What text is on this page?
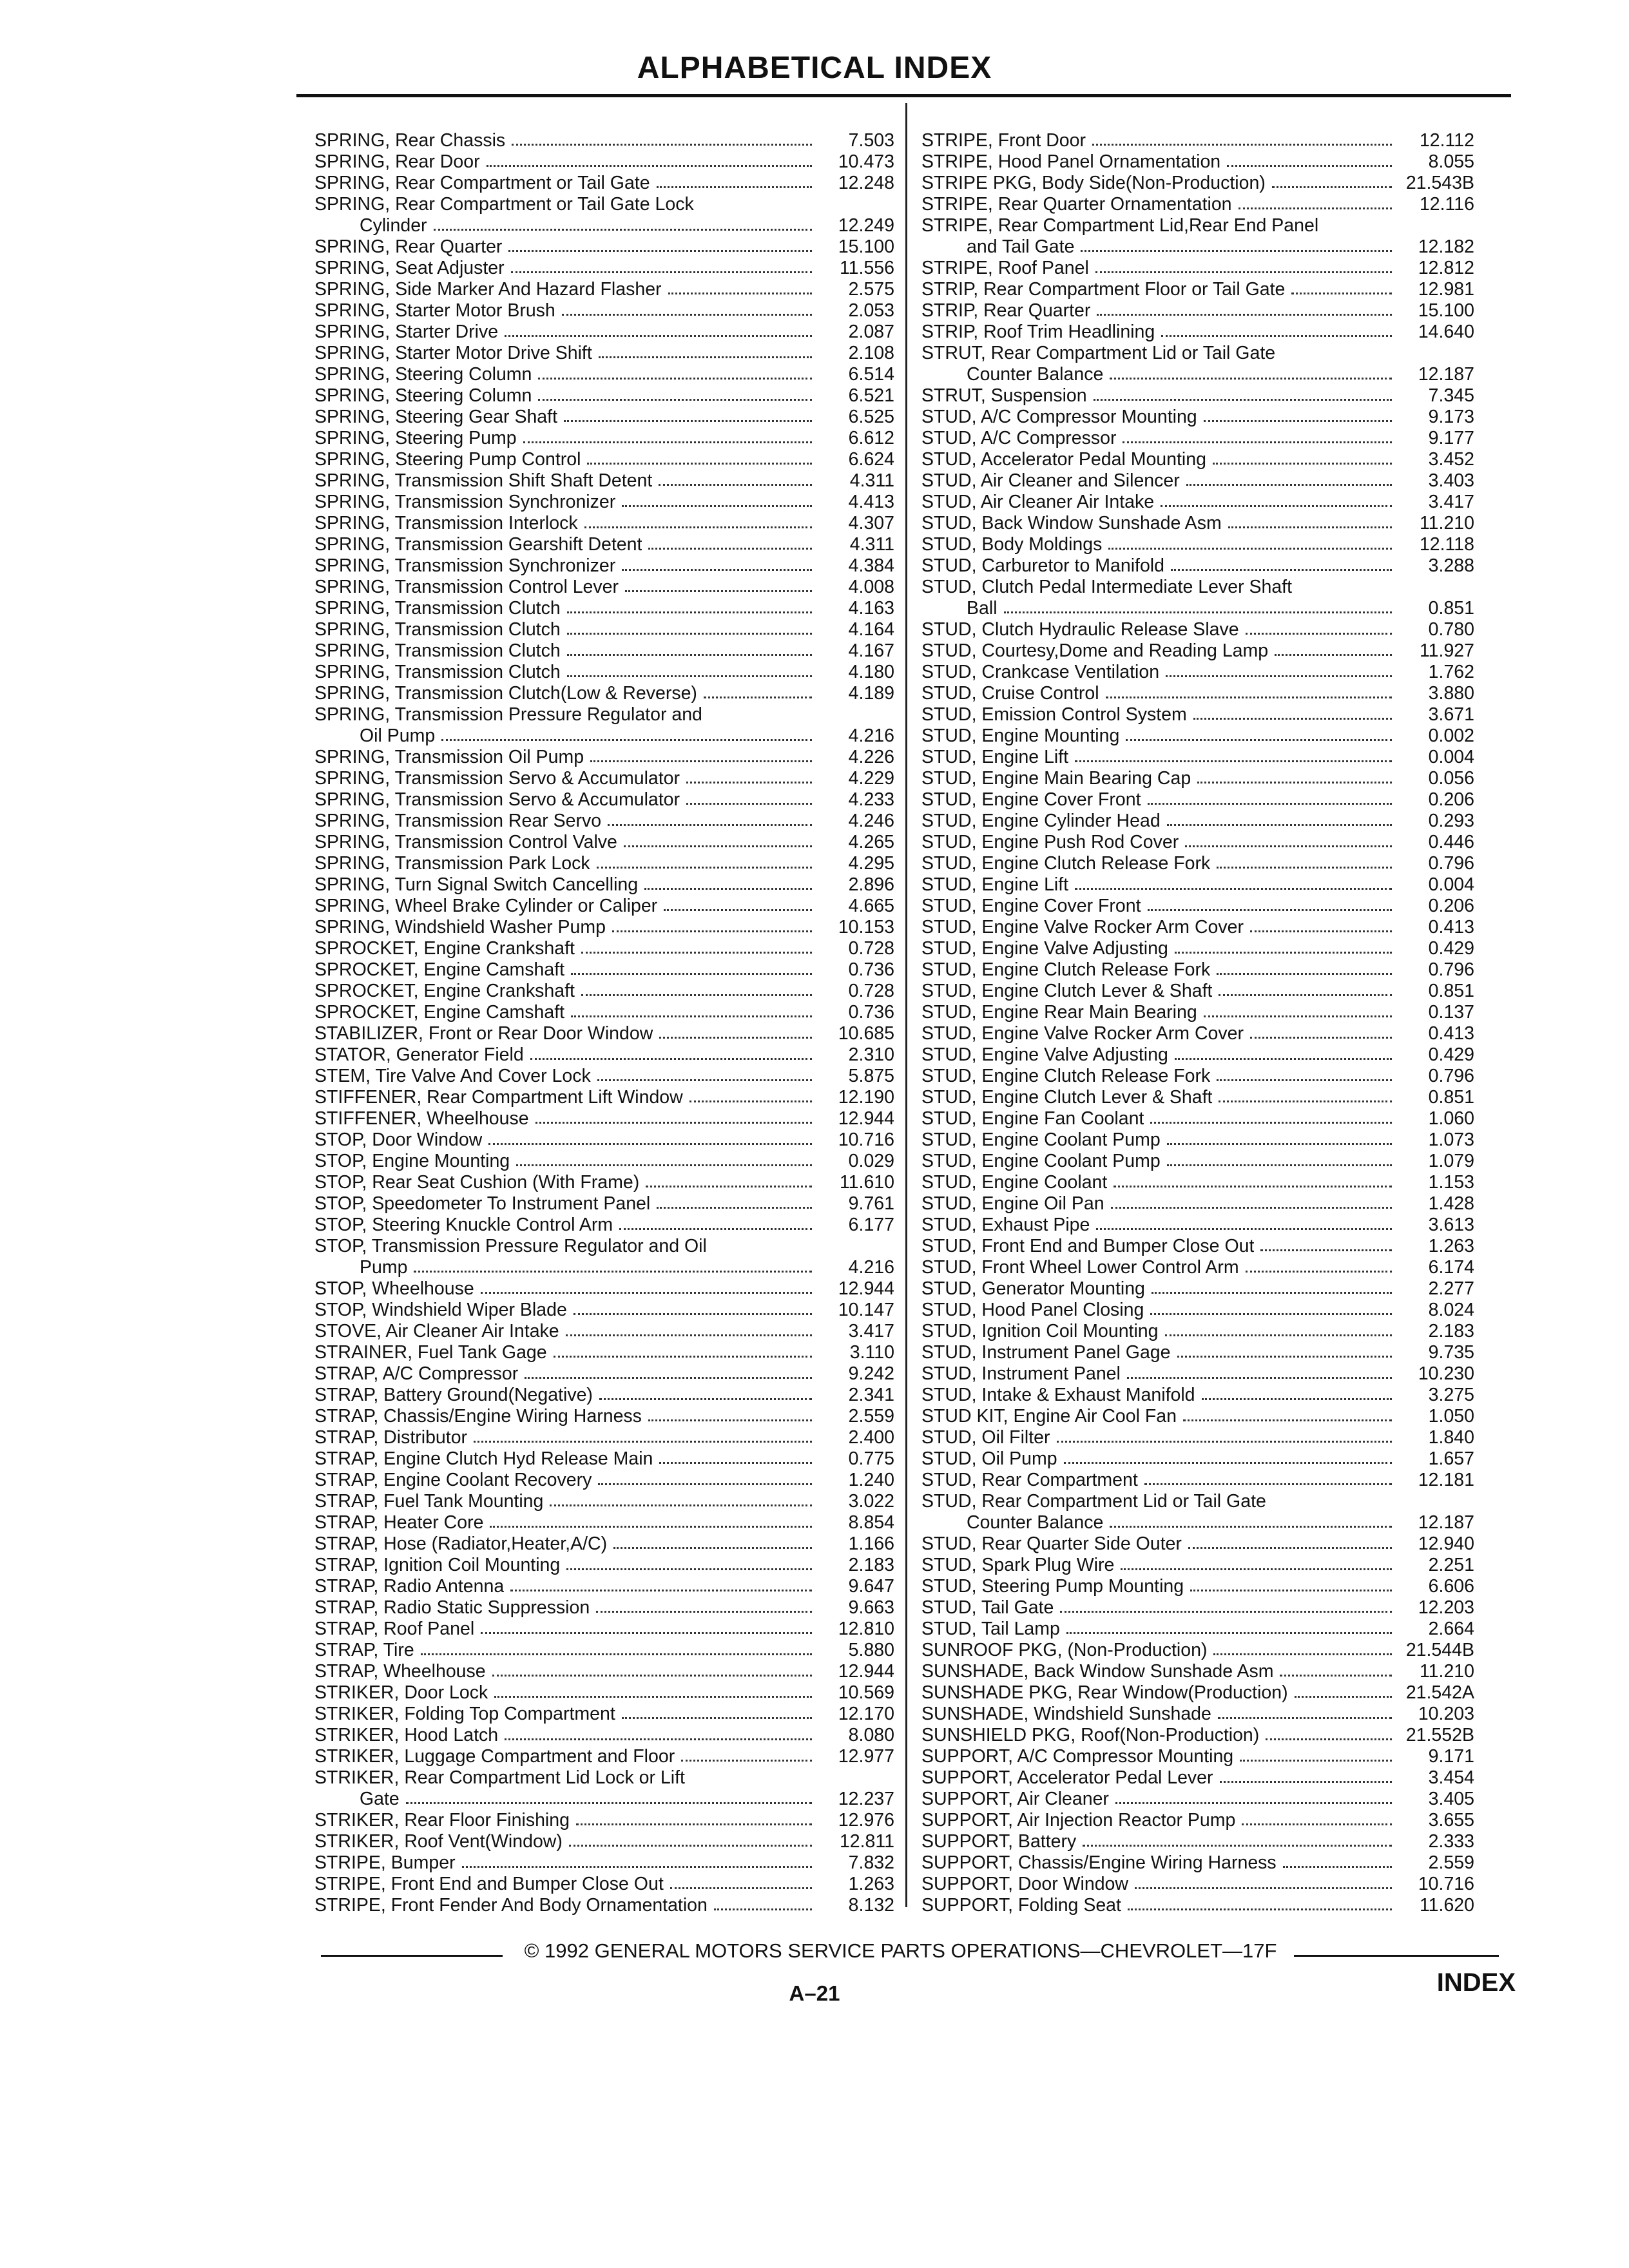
ALPHABETICAL INDEX
SPRING, Rear Chassis	7.503
SPRING, Rear Door	10.473
SPRING, Rear Compartment or Tail Gate	12.248
SPRING, Rear Compartment or Tail Gate Lock
Cylinder	12.249
SPRING, Rear Quarter	15.100
SPRING, Seat Adjuster	11.556
SPRING, Side Marker And Hazard Flasher	2.575
SPRING, Starter Motor Brush	2.053
SPRING, Starter Drive	2.087
SPRING, Starter Motor Drive Shift	2.108
SPRING, Steering Column	6.514
SPRING, Steering Column	6.521
SPRING, Steering Gear Shaft	6.525
SPRING, Steering Pump	6.612
SPRING, Steering Pump Control	6.624
SPRING, Transmission Shift Shaft Detent	4.311
SPRING, Transmission Synchronizer	4.413
SPRING, Transmission Interlock	4.307
SPRING, Transmission Gearshift Detent	4.311
SPRING, Transmission Synchronizer	4.384
SPRING, Transmission Control Lever	4.008
SPRING, Transmission Clutch	4.163
SPRING, Transmission Clutch	4.164
SPRING, Transmission Clutch	4.167
SPRING, Transmission Clutch	4.180
SPRING, Transmission Clutch(Low & Reverse)	4.189
SPRING, Transmission Pressure Regulator and
Oil Pump	4.216
SPRING, Transmission Oil Pump	4.226
SPRING, Transmission Servo & Accumulator	4.229
SPRING, Transmission Servo & Accumulator	4.233
SPRING, Transmission Rear Servo	4.246
SPRING, Transmission Control Valve	4.265
SPRING, Transmission Park Lock	4.295
SPRING, Turn Signal Switch Cancelling	2.896
SPRING, Wheel Brake Cylinder or Caliper	4.665
SPRING, Windshield Washer Pump	10.153
SPROCKET, Engine Crankshaft	0.728
SPROCKET, Engine Camshaft	0.736
SPROCKET, Engine Crankshaft	0.728
SPROCKET, Engine Camshaft	0.736
STABILIZER, Front or Rear Door Window	10.685
STATOR, Generator Field	2.310
STEM, Tire Valve And Cover Lock	5.875
STIFFENER, Rear Compartment Lift Window	12.190
STIFFENER, Wheelhouse	12.944
STOP, Door Window	10.716
STOP, Engine Mounting	0.029
STOP, Rear Seat Cushion (With Frame)	11.610
STOP, Speedometer To Instrument Panel	9.761
STOP, Steering Knuckle Control Arm	6.177
STOP, Transmission Pressure Regulator and Oil
Pump	4.216
STOP, Wheelhouse	12.944
STOP, Windshield Wiper Blade	10.147
STOVE, Air Cleaner Air Intake	3.417
STRAINER, Fuel Tank Gage	3.110
STRAP, A/C Compressor	9.242
STRAP, Battery Ground(Negative)	2.341
STRAP, Chassis/Engine Wiring Harness	2.559
STRAP, Distributor	2.400
STRAP, Engine Clutch Hyd Release Main	0.775
STRAP, Engine Coolant Recovery	1.240
STRAP, Fuel Tank Mounting	3.022
STRAP, Heater Core	8.854
STRAP, Hose (Radiator,Heater,A/C)	1.166
STRAP, Ignition Coil Mounting	2.183
STRAP, Radio Antenna	9.647
STRAP, Radio Static Suppression	9.663
STRAP, Roof Panel	12.810
STRAP, Tire	5.880
STRAP, Wheelhouse	12.944
STRIKER, Door Lock	10.569
STRIKER, Folding Top Compartment	12.170
STRIKER, Hood Latch	8.080
STRIKER, Luggage Compartment and Floor	12.977
STRIKER, Rear Compartment Lid Lock or Lift
Gate	12.237
STRIKER, Rear Floor Finishing	12.976
STRIKER, Roof Vent(Window)	12.811
STRIPE, Bumper	7.832
STRIPE, Front End and Bumper Close Out	1.263
STRIPE, Front Fender And Body Ornamentation	8.132
STRIPE, Front Door	12.112
STRIPE, Hood Panel Ornamentation	8.055
STRIPE PKG, Body Side(Non-Production)	21.543B
STRIPE, Rear Quarter Ornamentation	12.116
STRIPE, Rear Compartment Lid,Rear End Panel
and Tail Gate	12.182
STRIPE, Roof Panel	12.812
STRIP, Rear Compartment Floor or Tail Gate	12.981
STRIP, Rear Quarter	15.100
STRIP, Roof Trim Headlining	14.640
STRUT, Rear Compartment Lid or Tail Gate
Counter Balance	12.187
STRUT, Suspension	7.345
STUD, A/C Compressor Mounting	9.173
STUD, A/C Compressor	9.177
STUD, Accelerator Pedal Mounting	3.452
STUD, Air Cleaner and Silencer	3.403
STUD, Air Cleaner Air Intake	3.417
STUD, Back Window Sunshade Asm	11.210
STUD, Body Moldings	12.118
STUD, Carburetor to Manifold	3.288
STUD, Clutch Pedal Intermediate Lever Shaft
Ball	0.851
STUD, Clutch Hydraulic Release Slave	0.780
STUD, Courtesy,Dome and Reading Lamp	11.927
STUD, Crankcase Ventilation	1.762
STUD, Cruise Control	3.880
STUD, Emission Control System	3.671
STUD, Engine Mounting	0.002
STUD, Engine Lift	0.004
STUD, Engine Main Bearing Cap	0.056
STUD, Engine Cover Front	0.206
STUD, Engine Cylinder Head	0.293
STUD, Engine Push Rod Cover	0.446
STUD, Engine Clutch Release Fork	0.796
STUD, Engine Lift	0.004
STUD, Engine Cover Front	0.206
STUD, Engine Valve Rocker Arm Cover	0.413
STUD, Engine Valve Adjusting	0.429
STUD, Engine Clutch Release Fork	0.796
STUD, Engine Clutch Lever & Shaft	0.851
STUD, Engine Rear Main Bearing	0.137
STUD, Engine Valve Rocker Arm Cover	0.413
STUD, Engine Valve Adjusting	0.429
STUD, Engine Clutch Release Fork	0.796
STUD, Engine Clutch Lever & Shaft	0.851
STUD, Engine Fan Coolant	1.060
STUD, Engine Coolant Pump	1.073
STUD, Engine Coolant Pump	1.079
STUD, Engine Coolant	1.153
STUD, Engine Oil Pan	1.428
STUD, Exhaust Pipe	3.613
STUD, Front End and Bumper Close Out	1.263
STUD, Front Wheel Lower Control Arm	6.174
STUD, Generator Mounting	2.277
STUD, Hood Panel Closing	8.024
STUD, Ignition Coil Mounting	2.183
STUD, Instrument Panel Gage	9.735
STUD, Instrument Panel	10.230
STUD, Intake & Exhaust Manifold	3.275
STUD KIT, Engine Air Cool Fan	1.050
STUD, Oil Filter	1.840
STUD, Oil Pump	1.657
STUD, Rear Compartment	12.181
STUD, Rear Compartment Lid or Tail Gate
Counter Balance	12.187
STUD, Rear Quarter Side Outer	12.940
STUD, Spark Plug Wire	2.251
STUD, Steering Pump Mounting	6.606
STUD, Tail Gate	12.203
STUD, Tail Lamp	2.664
SUNROOF PKG, (Non-Production)	21.544B
SUNSHADE, Back Window Sunshade Asm	11.210
SUNSHADE PKG, Rear Window(Production)	21.542A
SUNSHADE, Windshield Sunshade	10.203
SUNSHIELD PKG, Roof(Non-Production)	21.552B
SUPPORT, A/C Compressor Mounting	9.171
SUPPORT, Accelerator Pedal Lever	3.454
SUPPORT, Air Cleaner	3.405
SUPPORT, Air Injection Reactor Pump	3.655
SUPPORT, Battery	2.333
SUPPORT, Chassis/Engine Wiring Harness	2.559
SUPPORT, Door Window	10.716
SUPPORT, Folding Seat	11.620
© 1992 GENERAL MOTORS SERVICE PARTS OPERATIONS—CHEVROLET—17F
A–21	INDEX
